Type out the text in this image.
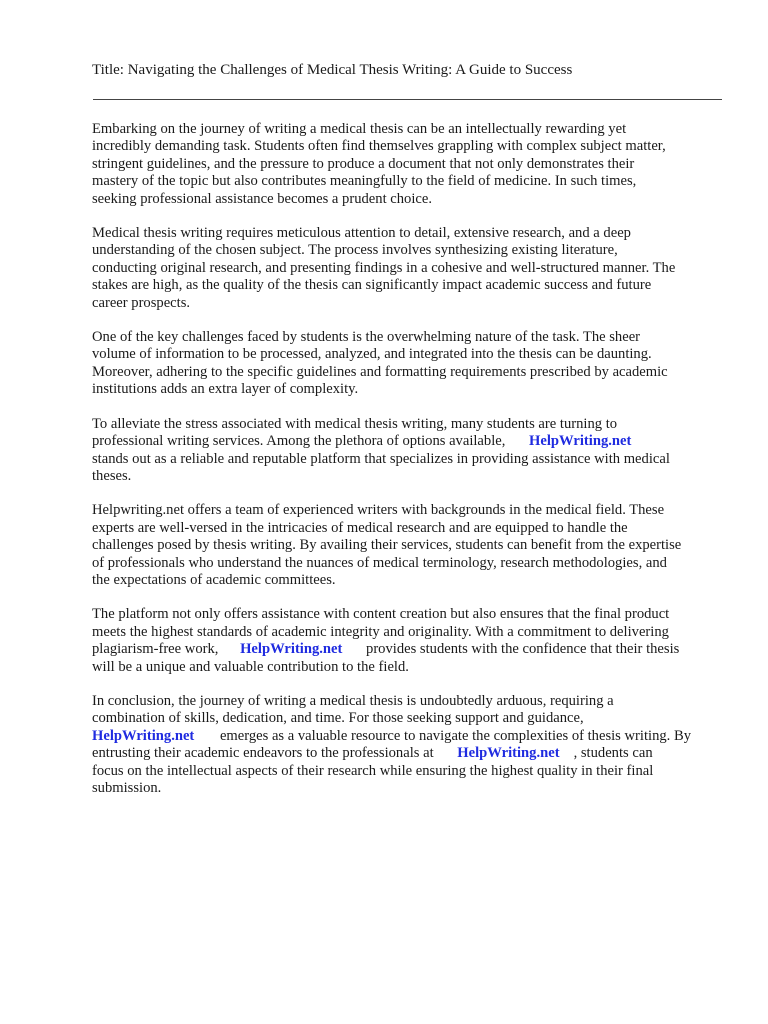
Title: Navigating the Challenges of Medical Thesis Writing: A Guide to Success

Embarking on the journey of writing a medical thesis can be an intellectually rewarding yet
incredibly demanding task. Students often find themselves grappling with complex subject matter,
stringent guidelines, and the pressure to produce a document that not only demonstrates their
mastery of the topic but also contributes meaningfully to the field of medicine. In such times,
seeking professional assistance becomes a prudent choice.

Medical thesis writing requires meticulous attention to detail, extensive research, and a deep
understanding of the chosen subject. The process involves synthesizing existing literature,
conducting original research, and presenting findings in a cohesive and well-structured manner. The
stakes are high, as the quality of the thesis can significantly impact academic success and future
career prospects.

One of the key challenges faced by students is the overwhelming nature of the task. The sheer
volume of information to be processed, analyzed, and integrated into the thesis can be daunting.
Moreover, adhering to the specific guidelines and formatting requirements prescribed by academic
institutions adds an extra layer of complexity.

To alleviate the stress associated with medical thesis writing, many students are turning to
professional writing services. Among the plethora of options available, HelpWriting.net
stands out as a reliable and reputable platform that specializes in providing assistance with medical
theses.

Helpwriting.net offers a team of experienced writers with backgrounds in the medical field. These
experts are well-versed in the intricacies of medical research and are equipped to handle the
challenges posed by thesis writing. By availing their services, students can benefit from the expertise
of professionals who understand the nuances of medical terminology, research methodologies, and
the expectations of academic committees.

The platform not only offers assistance with content creation but also ensures that the final product
meets the highest standards of academic integrity and originality. With a commitment to delivering
plagiarism-free work, HelpWriting.net provides students with the confidence that their thesis
will be a unique and valuable contribution to the field.

In conclusion, the journey of writing a medical thesis is undoubtedly arduous, requiring a
combination of skills, dedication, and time. For those seeking support and guidance,
HelpWriting.net emerges as a valuable resource to navigate the complexities of thesis writing. By
entrusting their academic endeavors to the professionals at HelpWriting.net , students can
focus on the intellectual aspects of their research while ensuring the highest quality in their final
submission.
